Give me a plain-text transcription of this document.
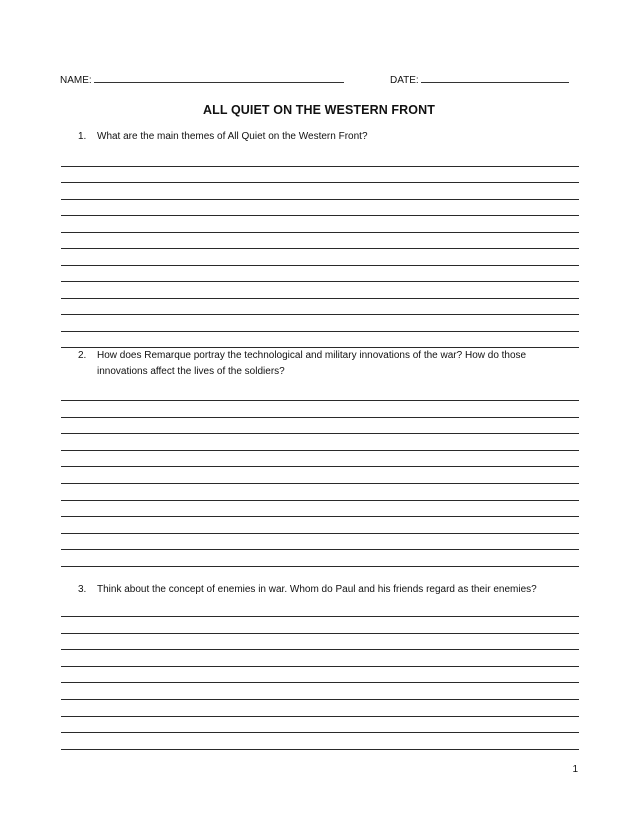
NAME:	DATE:
ALL QUIET ON THE WESTERN FRONT
1. What are the main themes of All Quiet on the Western Front?
2. How does Remarque portray the technological and military innovations of the war? How do those innovations affect the lives of the soldiers?
3. Think about the concept of enemies in war. Whom do Paul and his friends regard as their enemies?
1
